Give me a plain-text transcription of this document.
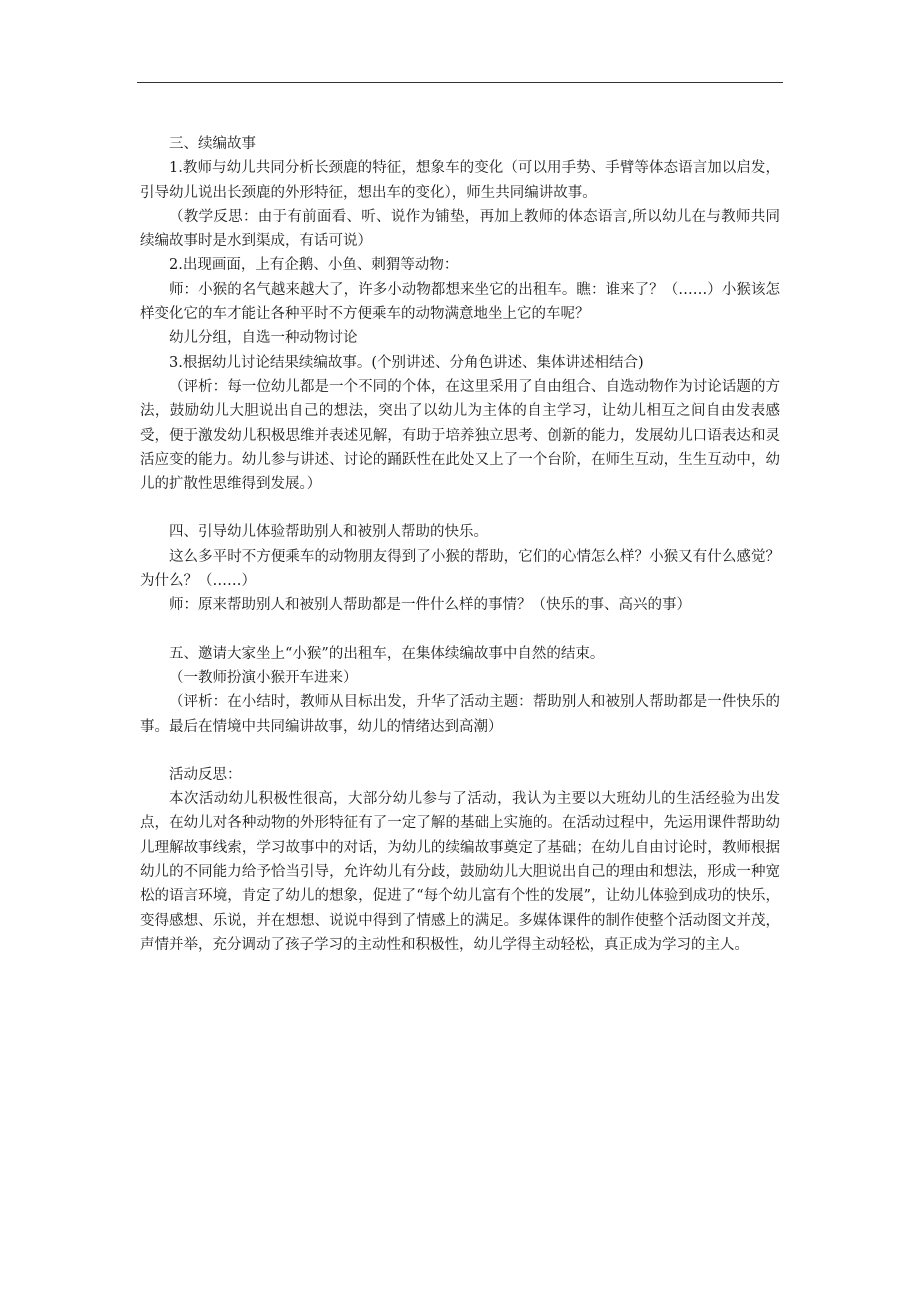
三、续编故事

1.教师与幼儿共同分析长颈鹿的特征，想象车的变化（可以用手势、手臂等体态语言加以启发，引导幼儿说出长颈鹿的外形特征，想出车的变化），师生共同编讲故事。

（教学反思：由于有前面看、听、说作为铺垫，再加上教师的体态语言,所以幼儿在与教师共同续编故事时是水到渠成，有话可说）

2.出现画面，上有企鹅、小鱼、刺猬等动物：

师：小猴的名气越来越大了，许多小动物都想来坐它的出租车。瞧：谁来了？（……）小猴该怎样变化它的车才能让各种平时不方便乘车的动物满意地坐上它的车呢？

幼儿分组，自选一种动物讨论

3.根据幼儿讨论结果续编故事。(个别讲述、分角色讲述、集体讲述相结合)

（评析：每一位幼儿都是一个不同的个体，在这里采用了自由组合、自选动物作为讨论话题的方法，鼓励幼儿大胆说出自己的想法，突出了以幼儿为主体的自主学习，让幼儿相互之间自由发表感受，便于激发幼儿积极思维并表述见解，有助于培养独立思考、创新的能力，发展幼儿口语表达和灵活应变的能力。幼儿参与讲述、讨论的踊跃性在此处又上了一个台阶，在师生互动，生生互动中，幼儿的扩散性思维得到发展。）

四、引导幼儿体验帮助别人和被别人帮助的快乐。

这么多平时不方便乘车的动物朋友得到了小猴的帮助，它们的心情怎么样？小猴又有什么感觉？为什么？（……）

师：原来帮助别人和被别人帮助都是一件什么样的事情？（快乐的事、高兴的事）

五、邀请大家坐上“小猴”的出租车，在集体续编故事中自然的结束。

（一教师扮演小猴开车进来）

（评析：在小结时，教师从目标出发，升华了活动主题：帮助别人和被别人帮助都是一件快乐的事。最后在情境中共同编讲故事，幼儿的情绪达到高潮）

活动反思：

本次活动幼儿积极性很高，大部分幼儿参与了活动，我认为主要以大班幼儿的生活经验为出发点，在幼儿对各种动物的外形特征有了一定了解的基础上实施的。在活动过程中，先运用课件帮助幼儿理解故事线索，学习故事中的对话，为幼儿的续编故事奠定了基础；在幼儿自由讨论时，教师根据幼儿的不同能力给予恰当引导，允许幼儿有分歧，鼓励幼儿大胆说出自己的理由和想法，形成一种宽松的语言环境，肯定了幼儿的想象，促进了“每个幼儿富有个性的发展”，让幼儿体验到成功的快乐，变得感想、乐说，并在想想、说说中得到了情感上的满足。多媒体课件的制作使整个活动图文并茂，声情并举，充分调动了孩子学习的主动性和积极性，幼儿学得主动轻松，真正成为学习的主人。
